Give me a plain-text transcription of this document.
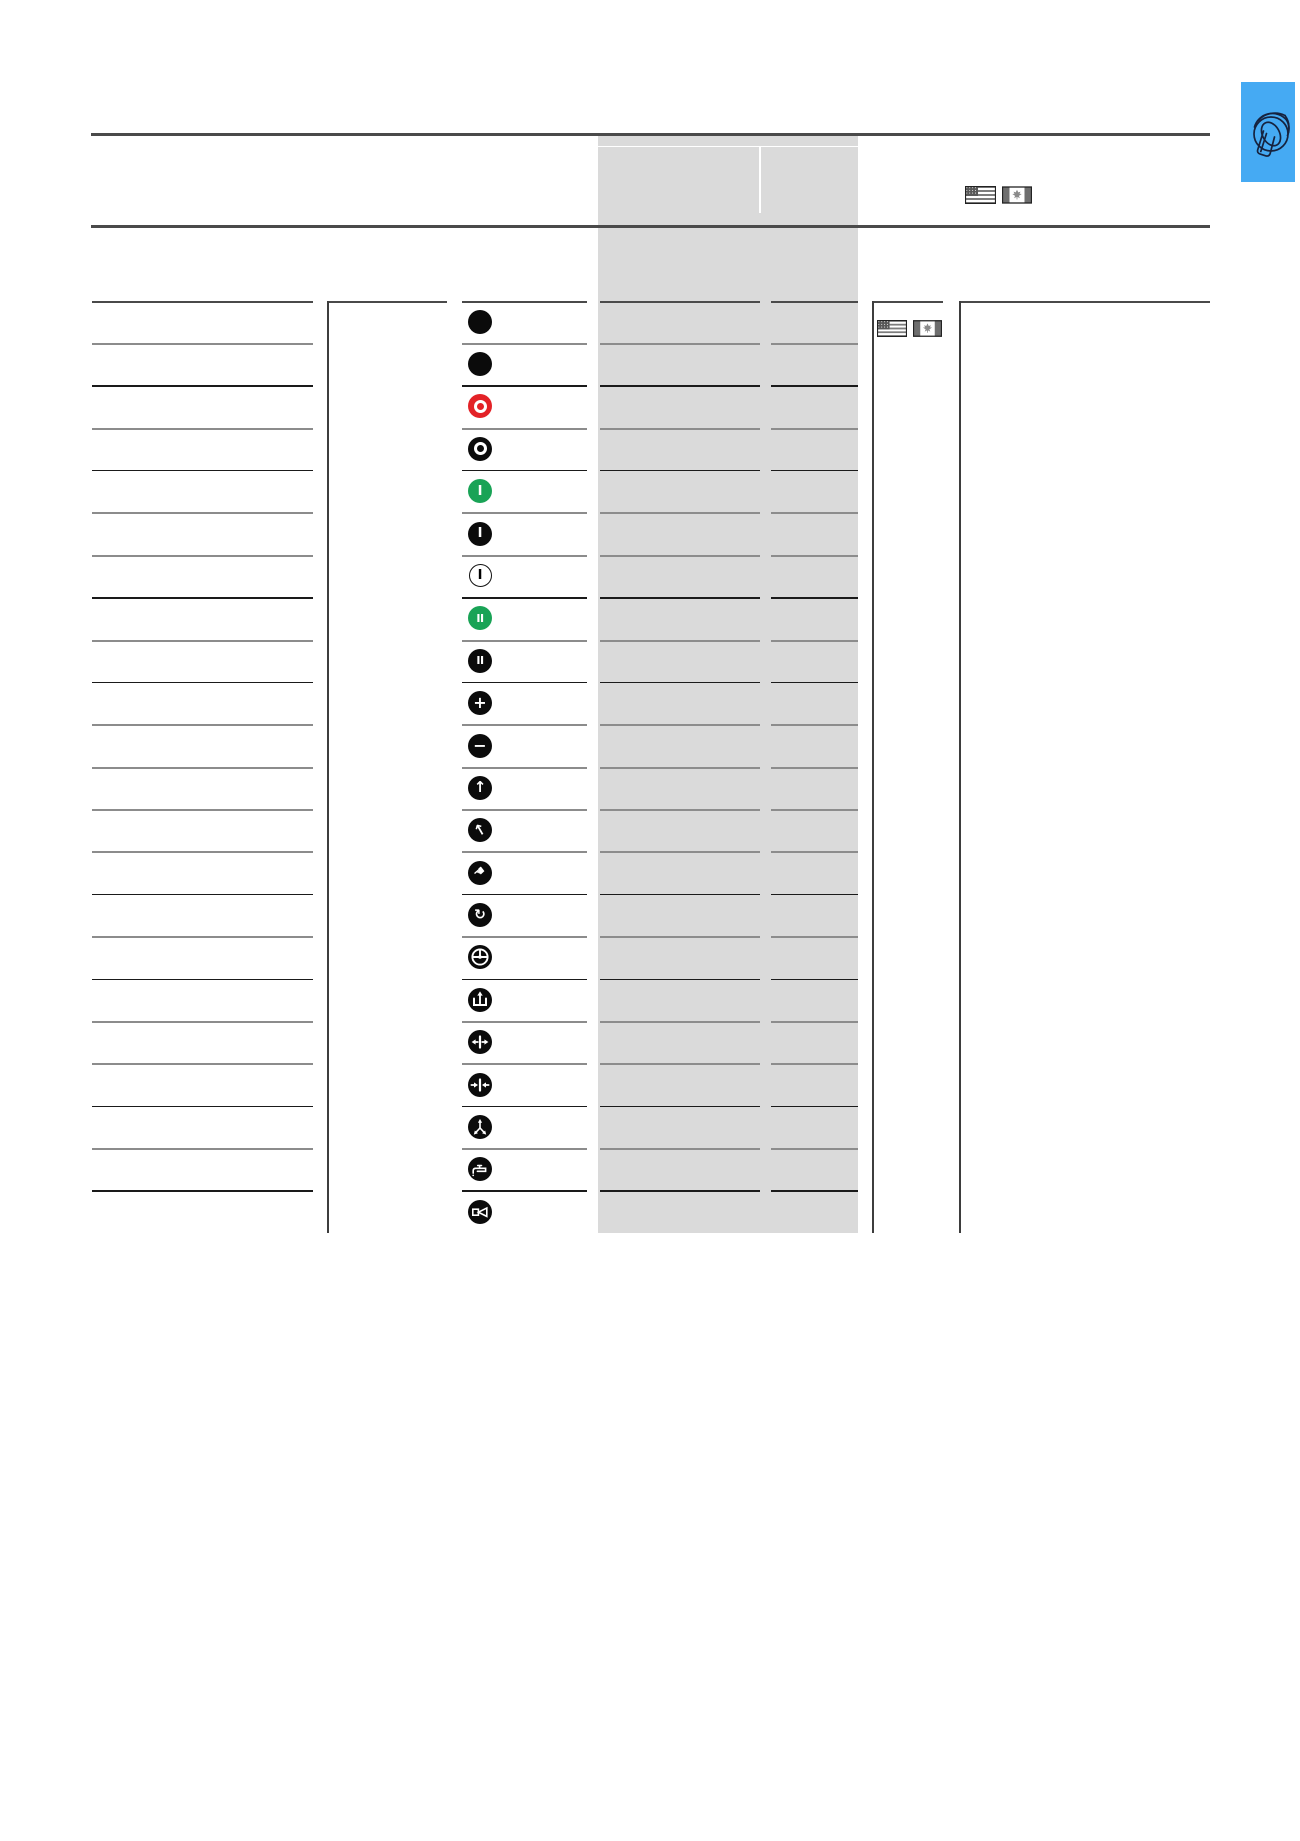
I
I
I
II
II
+
−
↑
↑
☚
↻
